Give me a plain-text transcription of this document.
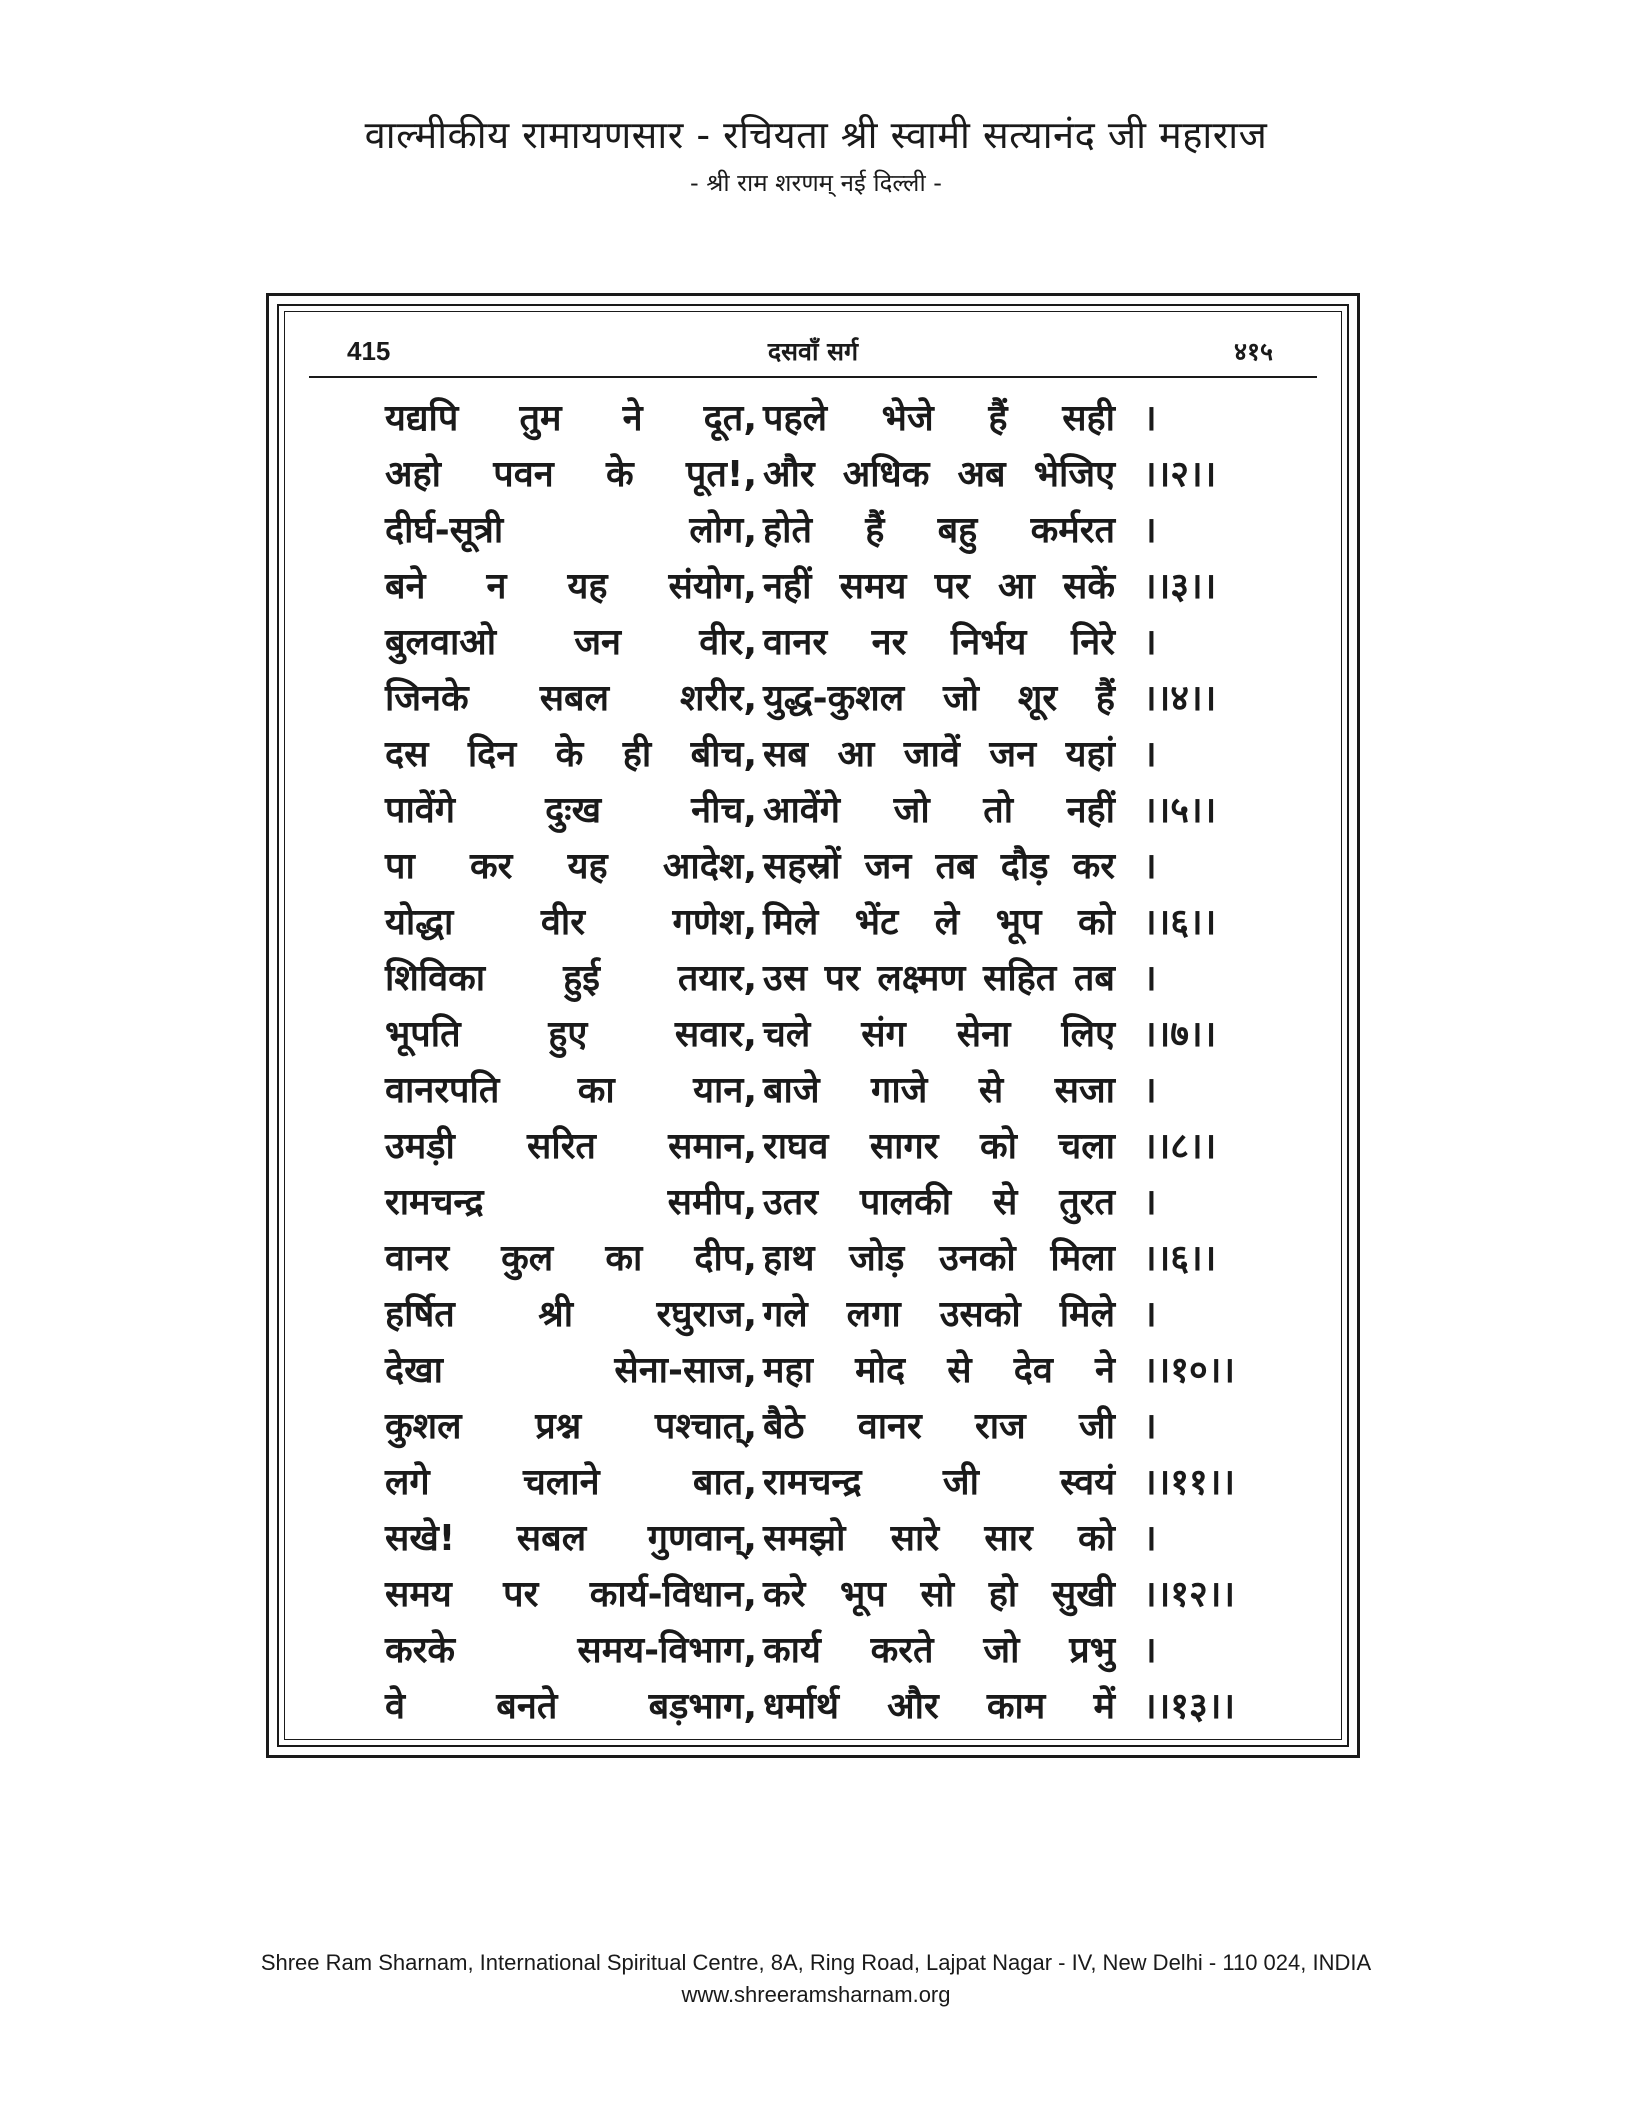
वाल्मीकीय रामायणसार - रचियता श्री स्वामी सत्यानंद जी महाराज
- श्री राम शरणम् नई दिल्ली -
415	दसवाँ सर्ग	४१५
यद्यपि तुम ने दूत, पहले भेजे हैं सही ।
अहो पवन के पूत!, और अधिक अब भेजिए ।।२।।
दीर्घ-सूत्री लोग, होते हैं बहु कर्मरत ।
बने न यह संयोग, नहीं समय पर आ सकें ।।३।।
बुलवाओ जन वीर, वानर नर निर्भय निरे ।
जिनके सबल शरीर, युद्ध-कुशल जो शूर हैं ।।४।।
दस दिन के ही बीच, सब आ जावें जन यहां ।
पावेंगे दुःख नीच, आवेंगे जो तो नहीं ।।५।।
पा कर यह आदेश, सहस्रों जन तब दौड़ कर ।
योद्धा वीर गणेश, मिले भेंट ले भूप को ।।६।।
शिविका हुई तयार, उस पर लक्ष्मण सहित तब ।
भूपति हुए सवार, चले संग सेना लिए ।।७।।
वानरपति का यान, बाजे गाजे से सजा ।
उमड़ी सरित समान, राघव सागर को चला ।।८।।
रामचन्द्र समीप, उतर पालकी से तुरत ।
वानर कुल का दीप, हाथ जोड़ उनको मिला ।।६।।
हर्षित श्री रघुराज, गले लगा उसको मिले ।
देखा सेना-साज, महा मोद से देव ने ।।१०।।
कुशल प्रश्न पश्चात्, बैठे वानर राज जी ।
लगे चलाने बात, रामचन्द्र जी स्वयं ।।११।।
सखे! सबल गुणवान्, समझो सारे सार को ।
समय पर कार्य-विधान, करे भूप सो हो सुखी ।।१२।।
करके समय-विभाग, कार्य करते जो प्रभु ।
वे बनते बड़भाग, धर्मार्थ और काम में ।।१३।।
Shree Ram Sharnam, International Spiritual Centre, 8A, Ring Road, Lajpat Nagar - IV, New Delhi - 110 024, INDIA
www.shreeramsharnam.org
